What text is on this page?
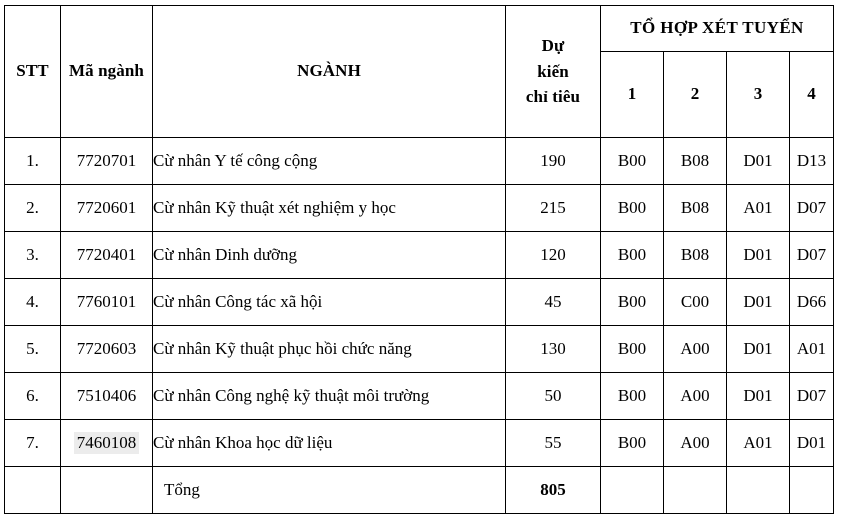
STT	Mã ngành	NGÀNH	Dự
kiến
chỉ tiêu	TỔ HỢP XÉT TUYỂN			
				1	2	3	4
1.	7720701	Cừ nhân Y tế công cộng	190	B00	B08	D01	D13
2.	7720601	Cừ nhân Kỹ thuật xét nghiệm y học	215	B00	B08	A01	D07
3.	7720401	Cừ nhân Dinh dưỡng	120	B00	B08	D01	D07
4.	7760101	Cừ nhân Công tác xã hội	45	B00	C00	D01	D66
5.	7720603	Cừ nhân Kỹ thuật phục hồi chức năng	130	B00	A00	D01	A01
6.	7510406	Cừ nhân Công nghệ kỹ thuật môi trường	50	B00	A00	D01	D07
7.	7460108	Cừ nhân Khoa học dữ liệu	55	B00	A00	A01	D01
		Tổng	805				
